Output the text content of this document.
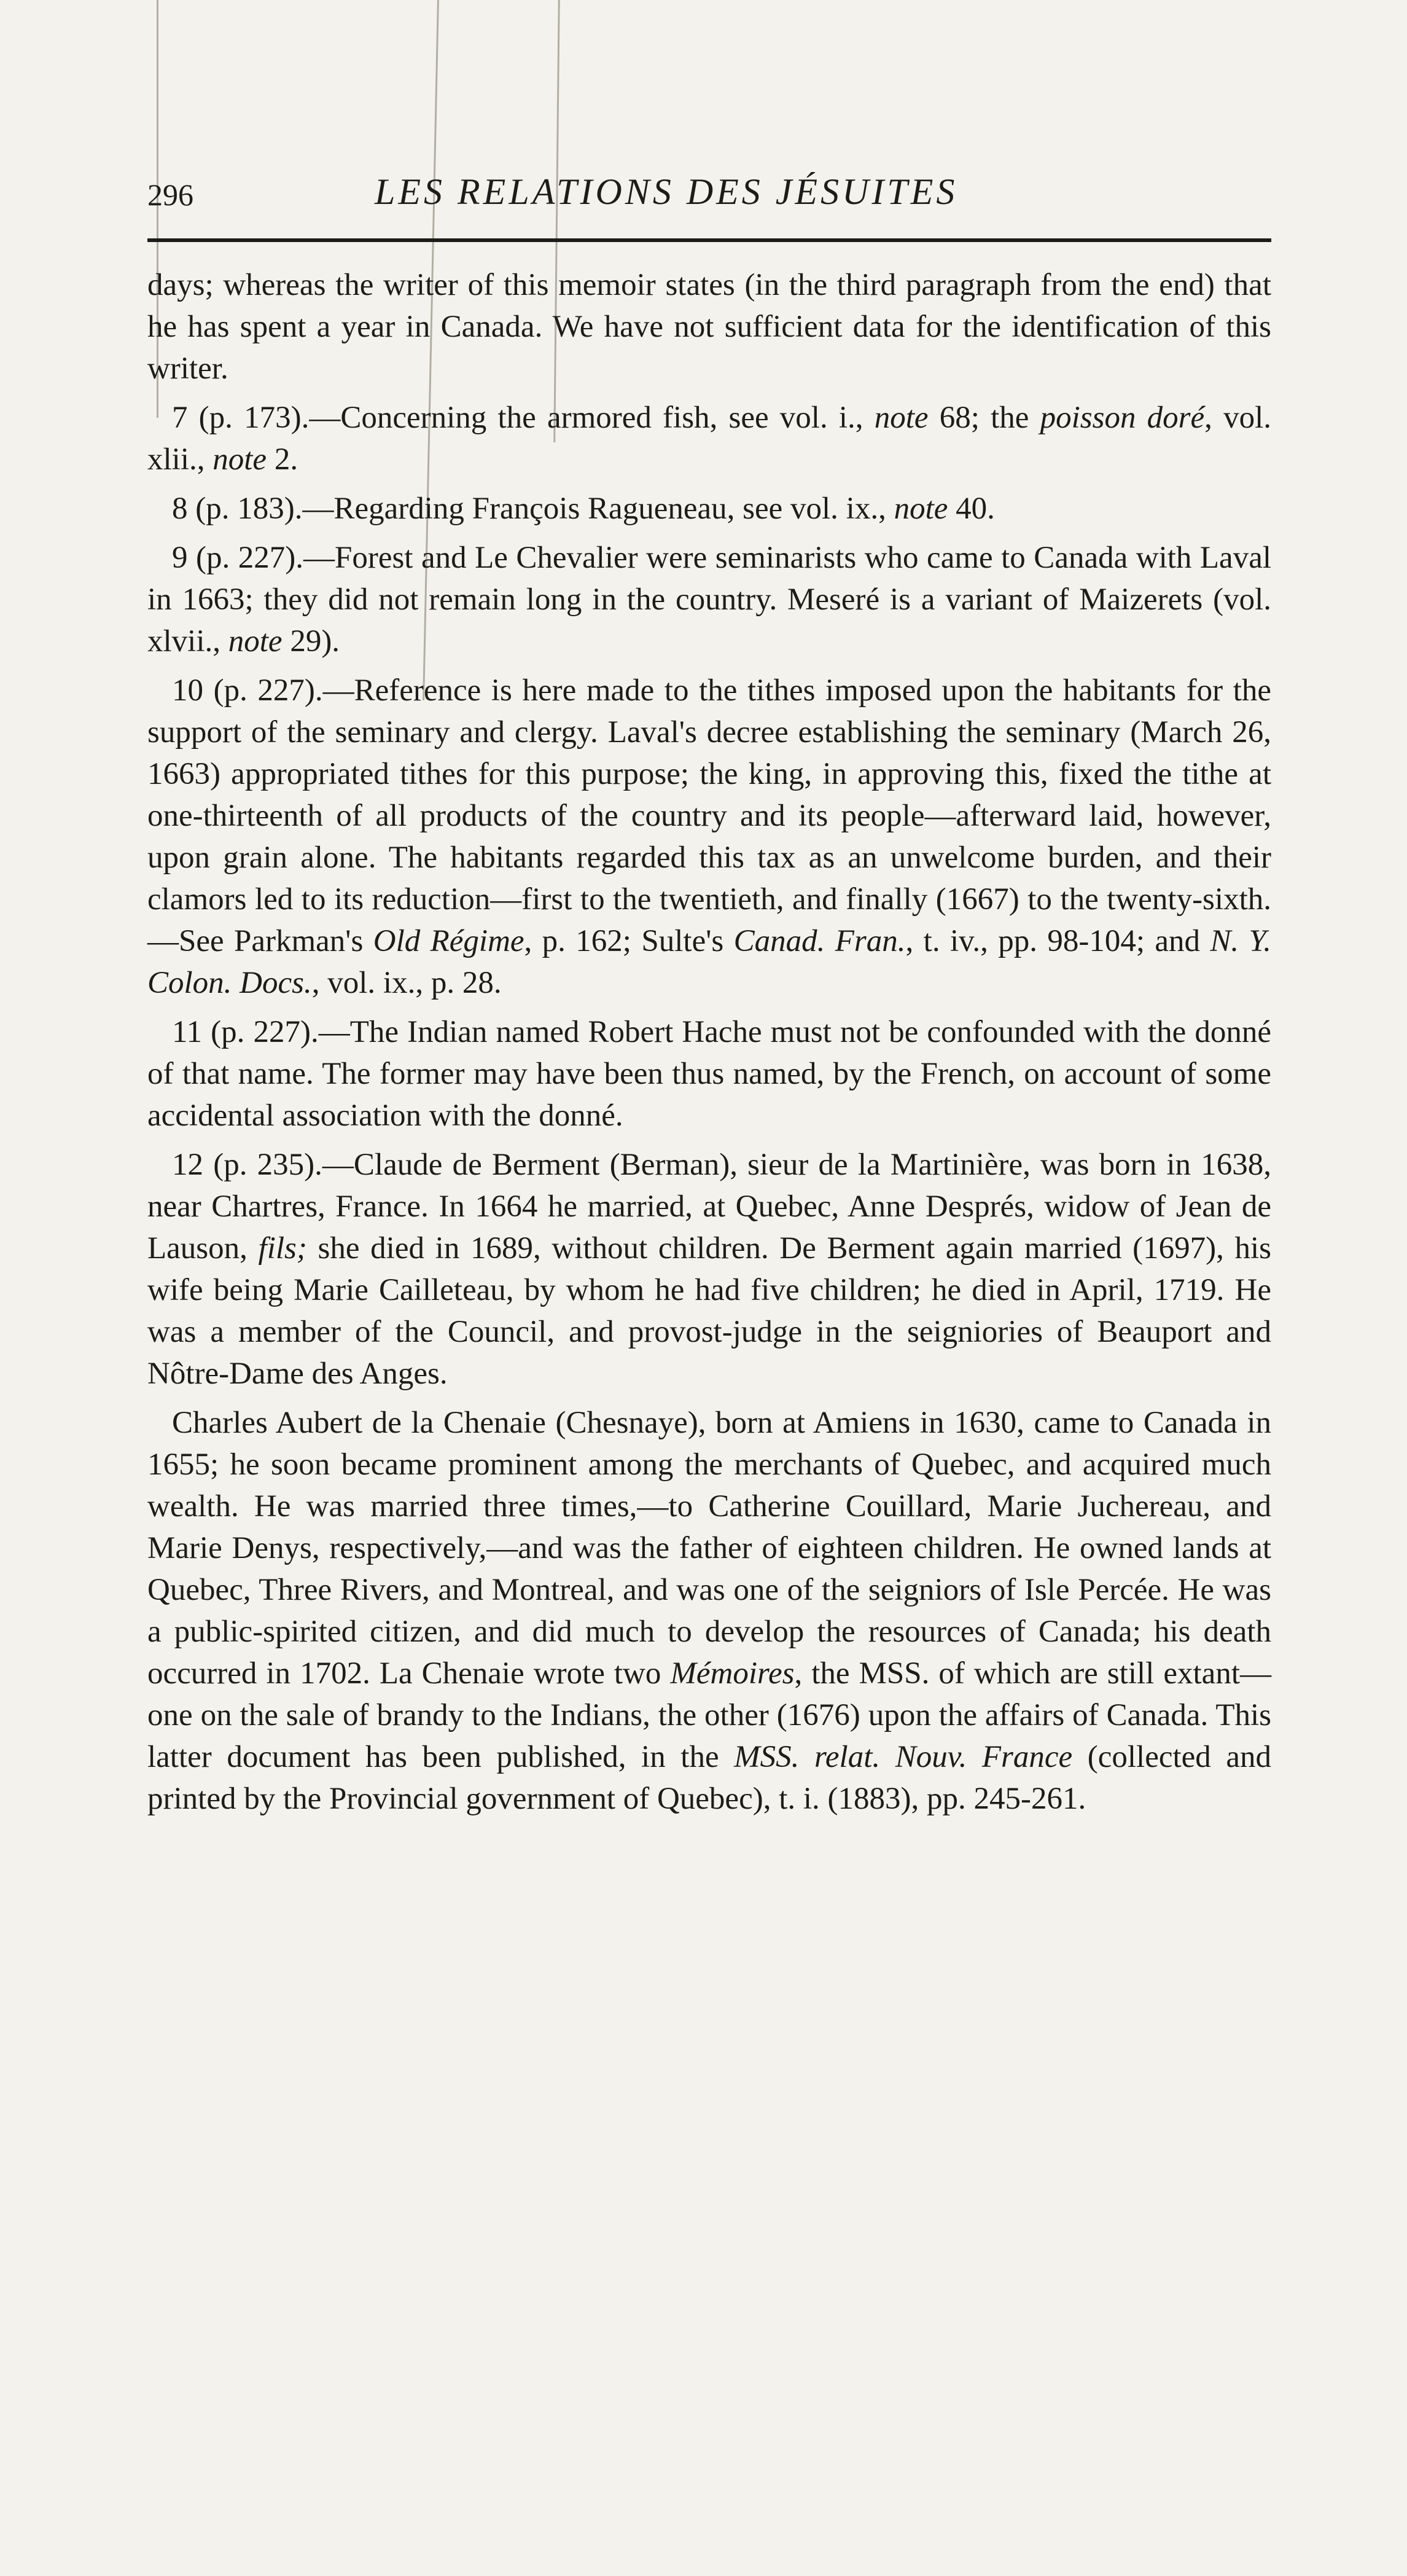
296	LES RELATIONS DES JÉSUITES

days; whereas the writer of this memoir states (in the third paragraph from the end) that he has spent a year in Canada. We have not sufficient data for the identification of this writer.

7 (p. 173).—Concerning the armored fish, see vol. i., note 68; the poisson doré, vol. xlii., note 2.

8 (p. 183).—Regarding François Ragueneau, see vol. ix., note 40.

9 (p. 227).—Forest and Le Chevalier were seminarists who came to Canada with Laval in 1663; they did not remain long in the country. Meseré is a variant of Maizerets (vol. xlvii., note 29).

10 (p. 227).—Reference is here made to the tithes imposed upon the habitants for the support of the seminary and clergy. Laval's decree establishing the seminary (March 26, 1663) appropriated tithes for this purpose; the king, in approving this, fixed the tithe at one-thirteenth of all products of the country and its people—afterward laid, however, upon grain alone. The habitants regarded this tax as an unwelcome burden, and their clamors led to its reduction—first to the twentieth, and finally (1667) to the twenty-sixth.—See Parkman's Old Régime, p. 162; Sulte's Canad. Fran., t. iv., pp. 98-104; and N. Y. Colon. Docs., vol. ix., p. 28.

11 (p. 227).—The Indian named Robert Hache must not be confounded with the donné of that name. The former may have been thus named, by the French, on account of some accidental association with the donné.

12 (p. 235).—Claude de Berment (Berman), sieur de la Martinière, was born in 1638, near Chartres, France. In 1664 he married, at Quebec, Anne Després, widow of Jean de Lauson, fils; she died in 1689, without children. De Berment again married (1697), his wife being Marie Cailleteau, by whom he had five children; he died in April, 1719. He was a member of the Council, and provost-judge in the seigniories of Beauport and Nôtre-Dame des Anges.

Charles Aubert de la Chenaie (Chesnaye), born at Amiens in 1630, came to Canada in 1655; he soon became prominent among the merchants of Quebec, and acquired much wealth. He was married three times,—to Catherine Couillard, Marie Juchereau, and Marie Denys, respectively,—and was the father of eighteen children. He owned lands at Quebec, Three Rivers, and Montreal, and was one of the seigniors of Isle Percée. He was a public-spirited citizen, and did much to develop the resources of Canada; his death occurred in 1702. La Chenaie wrote two Mémoires, the MSS. of which are still extant—one on the sale of brandy to the Indians, the other (1676) upon the affairs of Canada. This latter document has been published, in the MSS. relat. Nouv. France (collected and printed by the Provincial government of Quebec), t. i. (1883), pp. 245-261.
